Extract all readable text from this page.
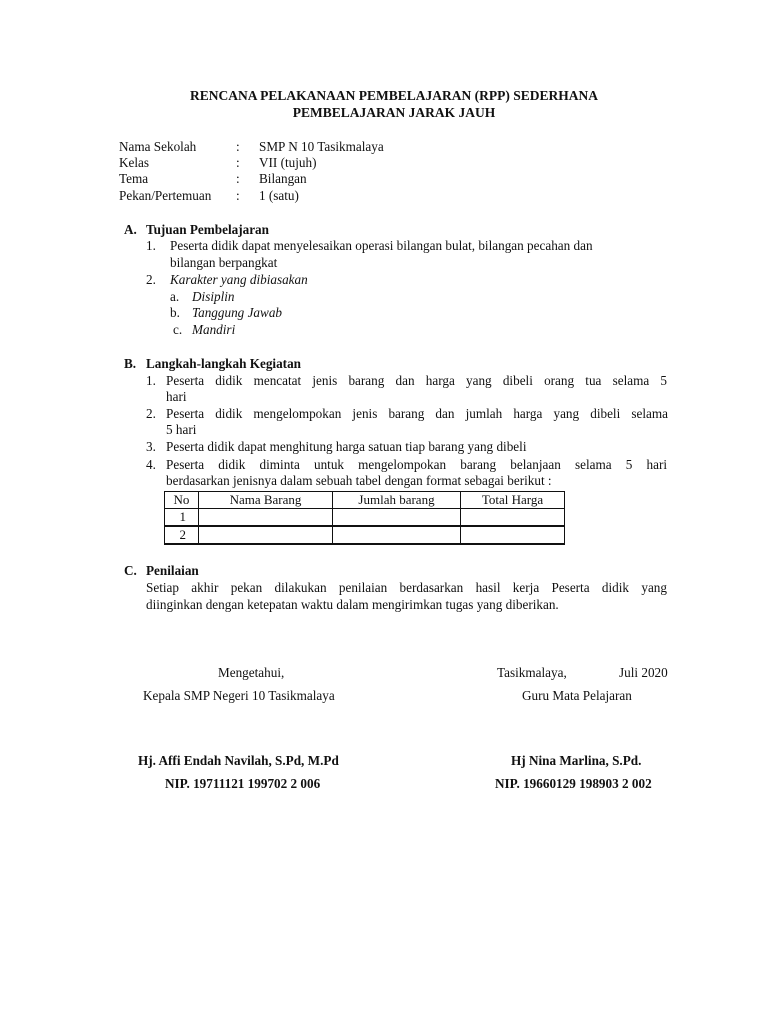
RENCANA PELAKANAAN PEMBELAJARAN (RPP) SEDERHANA
PEMBELAJARAN JARAK JAUH
Nama Sekolah	: SMP N 10 Tasikmalaya
Kelas	: VII (tujuh)
Tema	: Bilangan
Pekan/Pertemuan : 1 (satu)
A. Tujuan Pembelajaran
1. Peserta didik dapat menyelesaikan operasi bilangan bulat, bilangan pecahan dan
bilangan berpangkat
2. Karakter yang dibiasakan
a. Disiplin
b. Tanggung Jawab
c. Mandiri
B. Langkah-langkah Kegiatan
1. Peserta didik mencatat jenis barang dan harga yang dibeli orang tua selama 5
hari
2. Peserta didik mengelompokan jenis barang dan jumlah harga yang dibeli selama
5 hari
3. Peserta didik dapat menghitung harga satuan tiap barang yang dibeli
4. Peserta didik diminta untuk mengelompokan barang belanjaan selama 5 hari
berdasarkan jenisnya dalam sebuah tabel dengan format sebagai berikut :
No	Nama Barang	Jumlah barang	Total Harga
1			
2			
C. Penilaian
Setiap akhir pekan dilakukan penilaian berdasarkan hasil kerja Peserta didik yang
diinginkan dengan ketepatan waktu dalam mengirimkan tugas yang diberikan.
Mengetahui,
Kepala SMP Negeri 10 Tasikmalaya
Hj. Affi Endah Navilah, S.Pd, M.Pd
NIP. 19711121 199702 2 006
Tasikmalaya,	Juli 2020
Guru Mata Pelajaran
Hj Nina Marlina, S.Pd.
NIP. 19660129 198903 2 002
